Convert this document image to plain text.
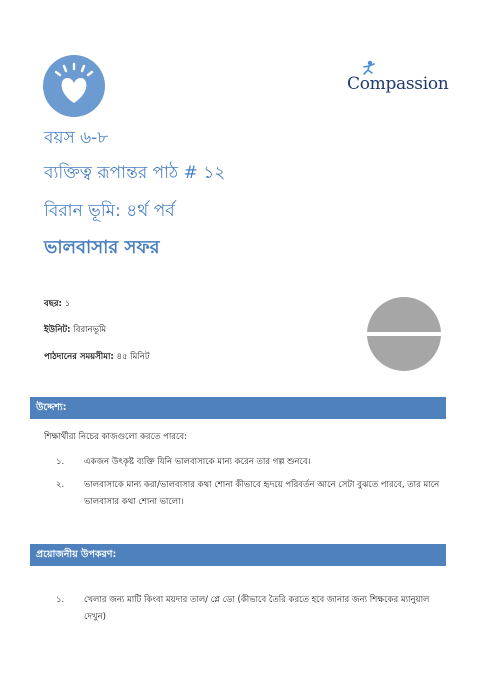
Compassion
বয়স ৬-৮
ব্যক্তিত্ব রূপান্তর পাঠ # ১২
বিরান ভূমি: ৪র্থ পর্ব
ভালবাসার সফর
বছর: ১
ইউনিট: বিরানভূমি
পাঠদানের সময়সীমা: ৪৫ মিনিট
উদ্দেশ্য:
শিক্ষার্থীরা নিচের কাজগুলো করতে পারবে:
১. একজন উৎকৃষ্ট ব্যক্তি যিনি ভালবাসাকে মান্য করেন তার গল্প শুনবে।
২. ভালবাসাকে মান্য করা/ভালবাসার কথা শোনা কীভাবে হৃদয়ে পরিবর্তন আনে সেটা বুঝতে পারবে, তার মানে ভালবাসার কথা শোনা ভালো।
প্রয়োজনীয় উপকরণ:
১. খেলার জন্য মাটি কিংবা ময়দার তাল/ প্লে ডো (কীভাবে তৈরি করতে হবে জানার জন্য শিক্ষকের ম্যানুয়াল দেখুন)
